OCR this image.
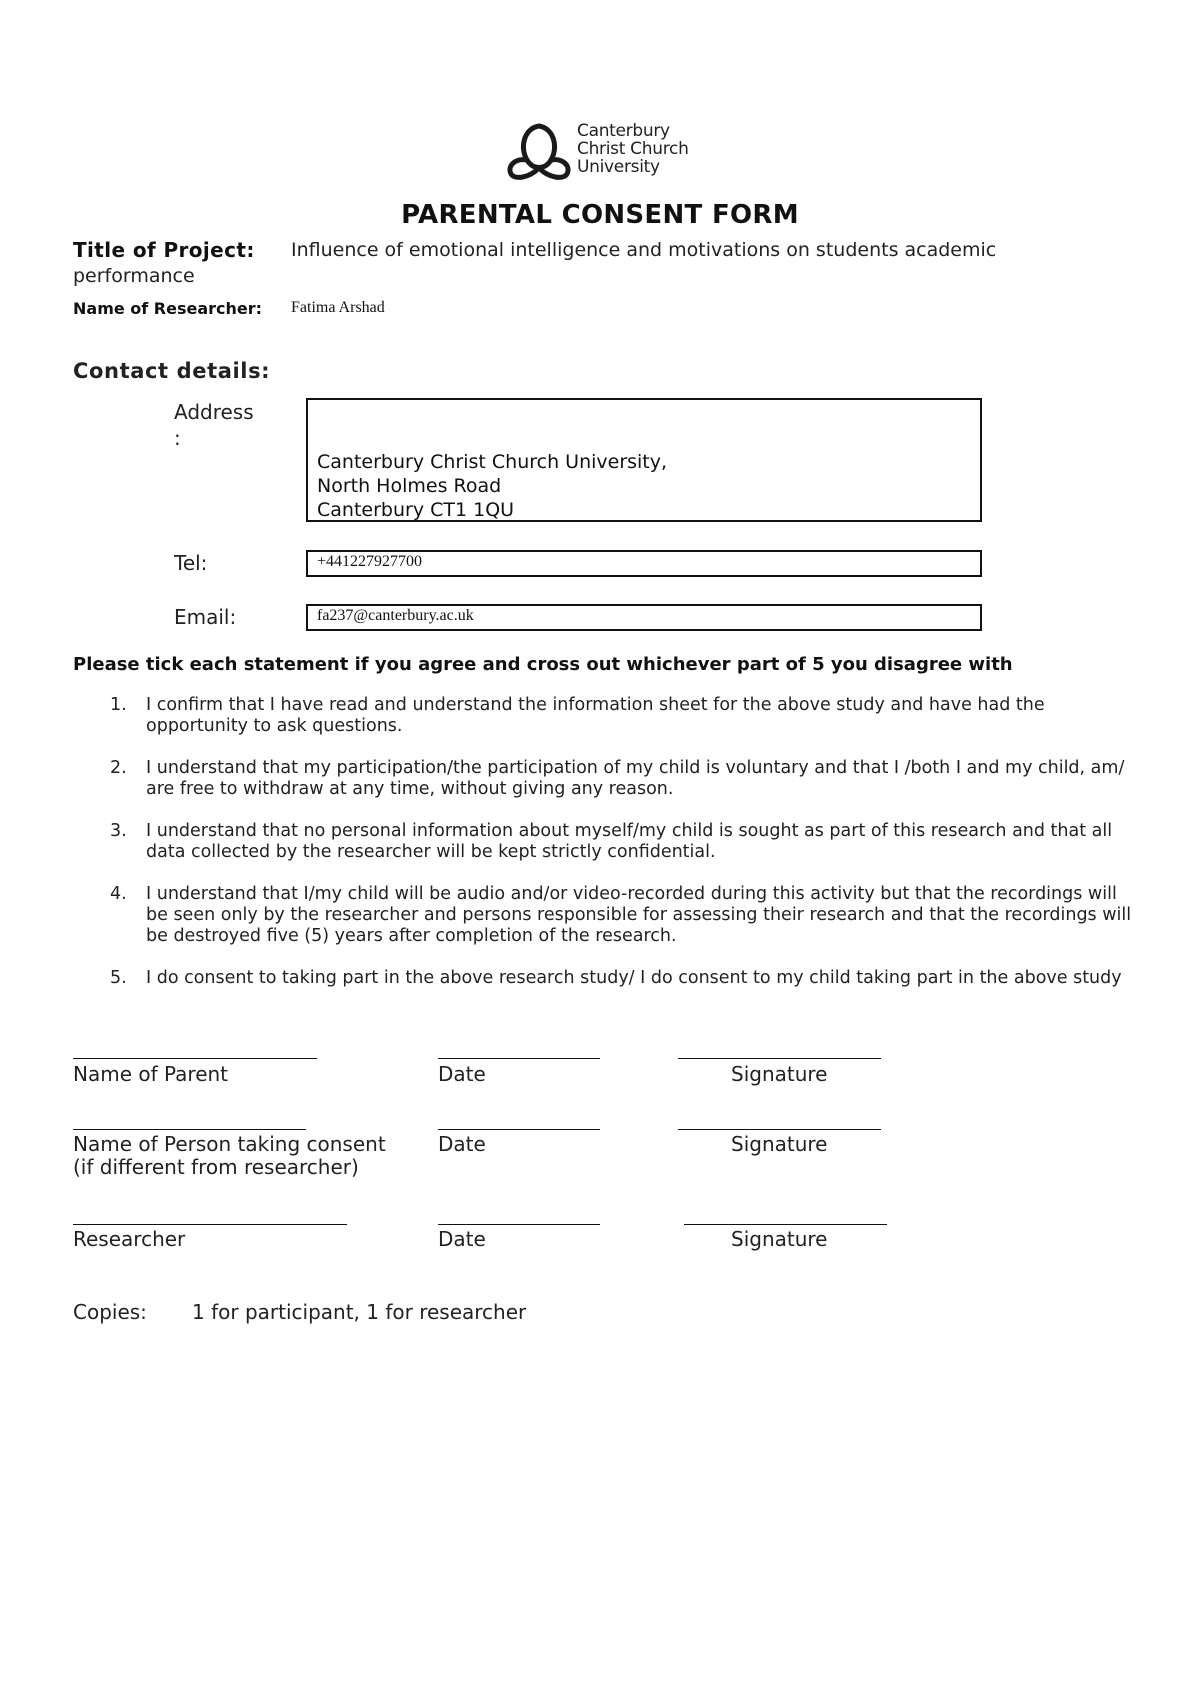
Canterbury
Christ Church
University
PARENTAL CONSENT FORM
Title of Project: Influence of emotional intelligence and motivations on students academic
performance
Name of Researcher: Fatima Arshad
Contact details:
Address
:
Canterbury Christ Church University,
North Holmes Road
Canterbury CT1 1QU
Tel:	+441227927700
Email:	fa237@canterbury.ac.uk
Please tick each statement if you agree and cross out whichever part of 5 you disagree with
1. I confirm that I have read and understand the information sheet for the above study and have had the opportunity to ask questions.
2. I understand that my participation/the participation of my child is voluntary and that I /both I and my child, am/ are free to withdraw at any time, without giving any reason.
3. I understand that no personal information about myself/my child is sought as part of this research and that all data collected by the researcher will be kept strictly confidential.
4. I understand that I/my child will be audio and/or video-recorded during this activity but that the recordings will be seen only by the researcher and persons responsible for assessing their research and that the recordings will be destroyed five (5) years after completion of the research.
5. I do consent to taking part in the above research study/ I do consent to my child taking part in the above study
Name of Parent	Date	Signature
Name of Person taking consent
(if different from researcher)
Date	Signature
Researcher	Date	Signature
Copies: 1 for participant, 1 for researcher
